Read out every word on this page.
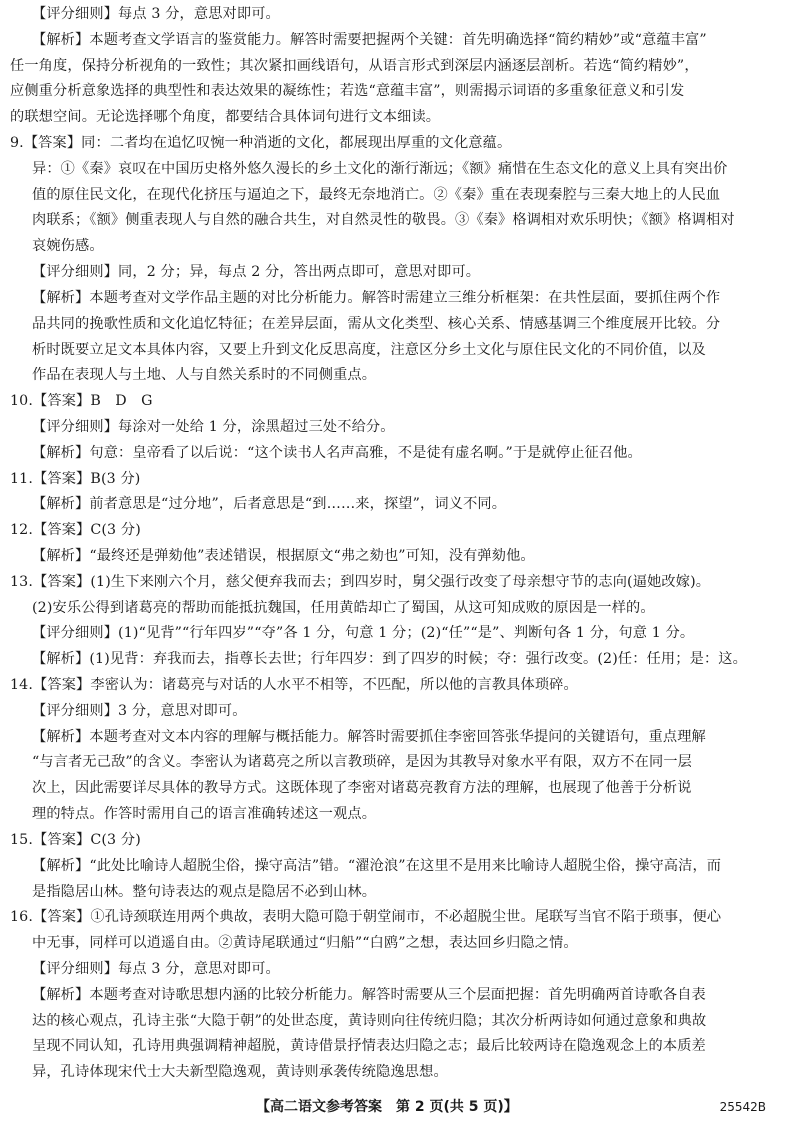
【评分细则】每点 3 分，意思对即可。
【解析】本题考查文学语言的鉴赏能力。解答时需要把握两个关键：首先明确选择“简约精妙”或“意蕴丰富”
任一角度，保持分析视角的一致性；其次紧扣画线语句，从语言形式到深层内涵逐层剖析。若选“简约精妙”，
应侧重分析意象选择的典型性和表达效果的凝练性；若选“意蕴丰富”，则需揭示词语的多重象征意义和引发
的联想空间。无论选择哪个角度，都要结合具体词句进行文本细读。
9.【答案】同：二者均在追忆叹惋一种消逝的文化，都展现出厚重的文化意蕴。
异：①《秦》哀叹在中国历史格外悠久漫长的乡土文化的渐行渐远；《额》痛惜在生态文化的意义上具有突出价
值的原住民文化，在现代化挤压与逼迫之下，最终无奈地消亡。②《秦》重在表现秦腔与三秦大地上的人民血
肉联系；《额》侧重表现人与自然的融合共生，对自然灵性的敬畏。③《秦》格调相对欢乐明快；《额》格调相对
哀婉伤感。
【评分细则】同，2 分；异，每点 2 分，答出两点即可，意思对即可。
【解析】本题考查对文学作品主题的对比分析能力。解答时需建立三维分析框架：在共性层面，要抓住两个作
品共同的挽歌性质和文化追忆特征；在差异层面，需从文化类型、核心关系、情感基调三个维度展开比较。分
析时既要立足文本具体内容，又要上升到文化反思高度，注意区分乡土文化与原住民文化的不同价值，以及
作品在表现人与土地、人与自然关系时的不同侧重点。
10.【答案】B　D　G
【评分细则】每涂对一处给 1 分，涂黑超过三处不给分。
【解析】句意：皇帝看了以后说：“这个读书人名声高雅，不是徒有虚名啊。”于是就停止征召他。
11.【答案】B(3 分)
【解析】前者意思是“过分地”，后者意思是“到……来，探望”，词义不同。
12.【答案】C(3 分)
【解析】“最终还是弹劾他”表述错误，根据原文“弗之劾也”可知，没有弹劾他。
13.【答案】(1)生下来刚六个月，慈父便弃我而去；到四岁时，舅父强行改变了母亲想守节的志向(逼她改嫁)。
(2)安乐公得到诸葛亮的帮助而能抵抗魏国，任用黄皓却亡了蜀国，从这可知成败的原因是一样的。
【评分细则】(1)“见背”“行年四岁”“夺”各 1 分，句意 1 分；(2)“任”“是”、判断句各 1 分，句意 1 分。
【解析】(1)见背：弃我而去，指尊长去世；行年四岁：到了四岁的时候；夺：强行改变。(2)任：任用；是：这。
14.【答案】李密认为：诸葛亮与对话的人水平不相等，不匹配，所以他的言教具体琐碎。
【评分细则】3 分，意思对即可。
【解析】本题考查对文本内容的理解与概括能力。解答时需要抓住李密回答张华提问的关键语句，重点理解
“与言者无己敌”的含义。李密认为诸葛亮之所以言教琐碎，是因为其教导对象水平有限，双方不在同一层
次上，因此需要详尽具体的教导方式。这既体现了李密对诸葛亮教育方法的理解，也展现了他善于分析说
理的特点。作答时需用自己的语言准确转述这一观点。
15.【答案】C(3 分)
【解析】“此处比喻诗人超脱尘俗，操守高洁”错。“濯沧浪”在这里不是用来比喻诗人超脱尘俗，操守高洁，而
是指隐居山林。整句诗表达的观点是隐居不必到山林。
16.【答案】①孔诗颈联连用两个典故，表明大隐可隐于朝堂闹市，不必超脱尘世。尾联写当官不陷于琐事，便心
中无事，同样可以逍遥自由。②黄诗尾联通过“归船”“白鸥”之想，表达回乡归隐之情。
【评分细则】每点 3 分，意思对即可。
【解析】本题考查对诗歌思想内涵的比较分析能力。解答时需要从三个层面把握：首先明确两首诗歌各自表
达的核心观点，孔诗主张“大隐于朝”的处世态度，黄诗则向往传统归隐；其次分析两诗如何通过意象和典故
呈现不同认知，孔诗用典强调精神超脱，黄诗借景抒情表达归隐之志；最后比较两诗在隐逸观念上的本质差
异，孔诗体现宋代士大夫新型隐逸观，黄诗则承袭传统隐逸思想。
【高二语文参考答案　第 2 页(共 5 页)】	25542B
